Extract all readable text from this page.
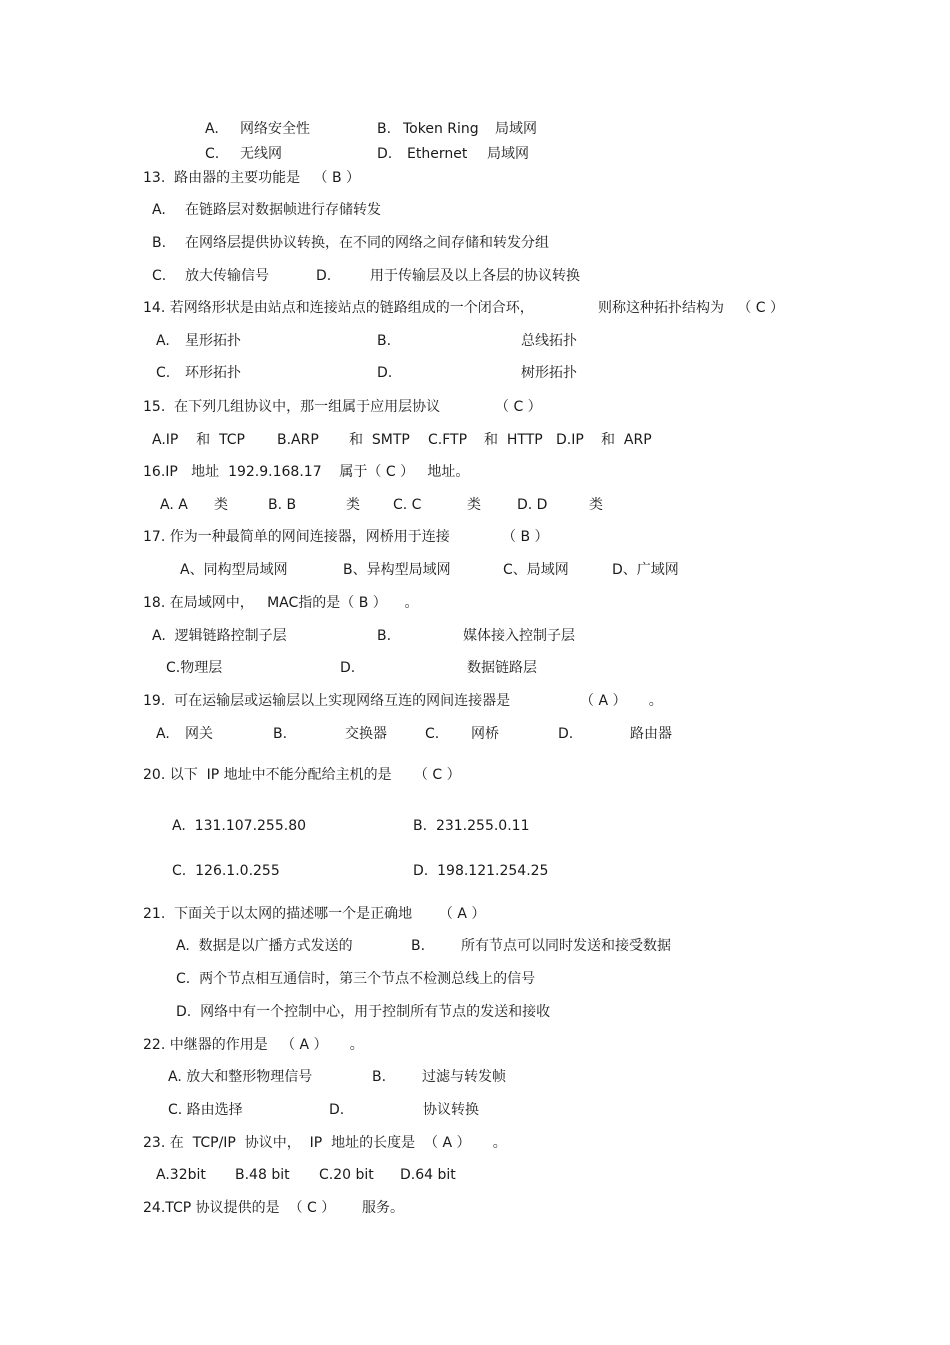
A. 网络安全性	B. Token Ring 局域网
C. 无线网	D. Ethernet 局域网
13.  路由器的主要功能是   （ B ）
A. 在链路层对数据帧进行存储转发
B. 在网络层提供协议转换，在不同的网络之间存储和转发分组
C. 放大传输信号	D.	用于传输层及以上各层的协议转换
14. 若网络形状是由站点和连接站点的链路组成的一个闭合环，	则称这种拓扑结构为   （ C ）
A. 星形拓扑	B.	总线拓扑
C. 环形拓扑	D.	树形拓扑
15.  在下列几组协议中，那一组属于应用层协议	（ C ）
A.IP    和  TCP B.ARP 和  SMTP C.FTP 和  HTTP D.IP 和  ARP
16.IP   地址  192.9.168.17    属于（ C ）   地址。
A. A 类	B. B	类 C. C	类	D. D	类
17. 作为一种最简单的网间连接器，网桥用于连接	（ B ）
A、同构型局域网	B、异构型局域网	C、局域网	D、广域网
18. 在局域网中，   MAC指的是（ B ）    。
A.  逻辑链路控制子层	B.	媒体接入控制子层
C.物理层	D.	数据链路层
19.  可在运输层或运输层以上实现网络互连的网间连接器是	（ A ）     。
A. 网关	B.	交换器	C. 网桥	D.	路由器
20. 以下  IP 地址中不能分配给主机的是     （ C ）
A.  131.107.255.80	B.  231.255.0.11
C.  126.1.0.255	D.  198.121.254.25
21.  下面关于以太网的描述哪一个是正确地      （ A ）
A.  数据是以广播方式发送的	B.	所有节点可以同时发送和接受数据
C.  两个节点相互通信时，第三个节点不检测总线上的信号
D.  网络中有一个控制中心，用于控制所有节点的发送和接收
22. 中继器的作用是   （ A ）     。
A. 放大和整形物理信号	B.	过滤与转发帧
C. 路由选择	D.	协议转换
23. 在  TCP/IP  协议中，  IP  地址的长度是  （ A ）     。
A.32bit B.48 bit C.20 bit D.64 bit
24.TCP 协议提供的是  （ C ）      服务。
